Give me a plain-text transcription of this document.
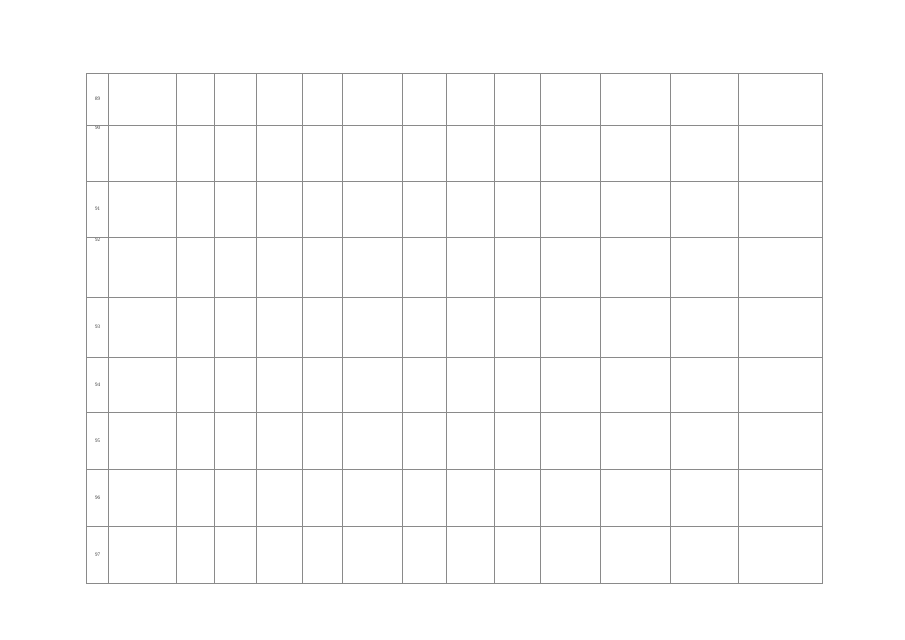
89													
90													
91													
92													
93													
94													
95													
96													
97													
